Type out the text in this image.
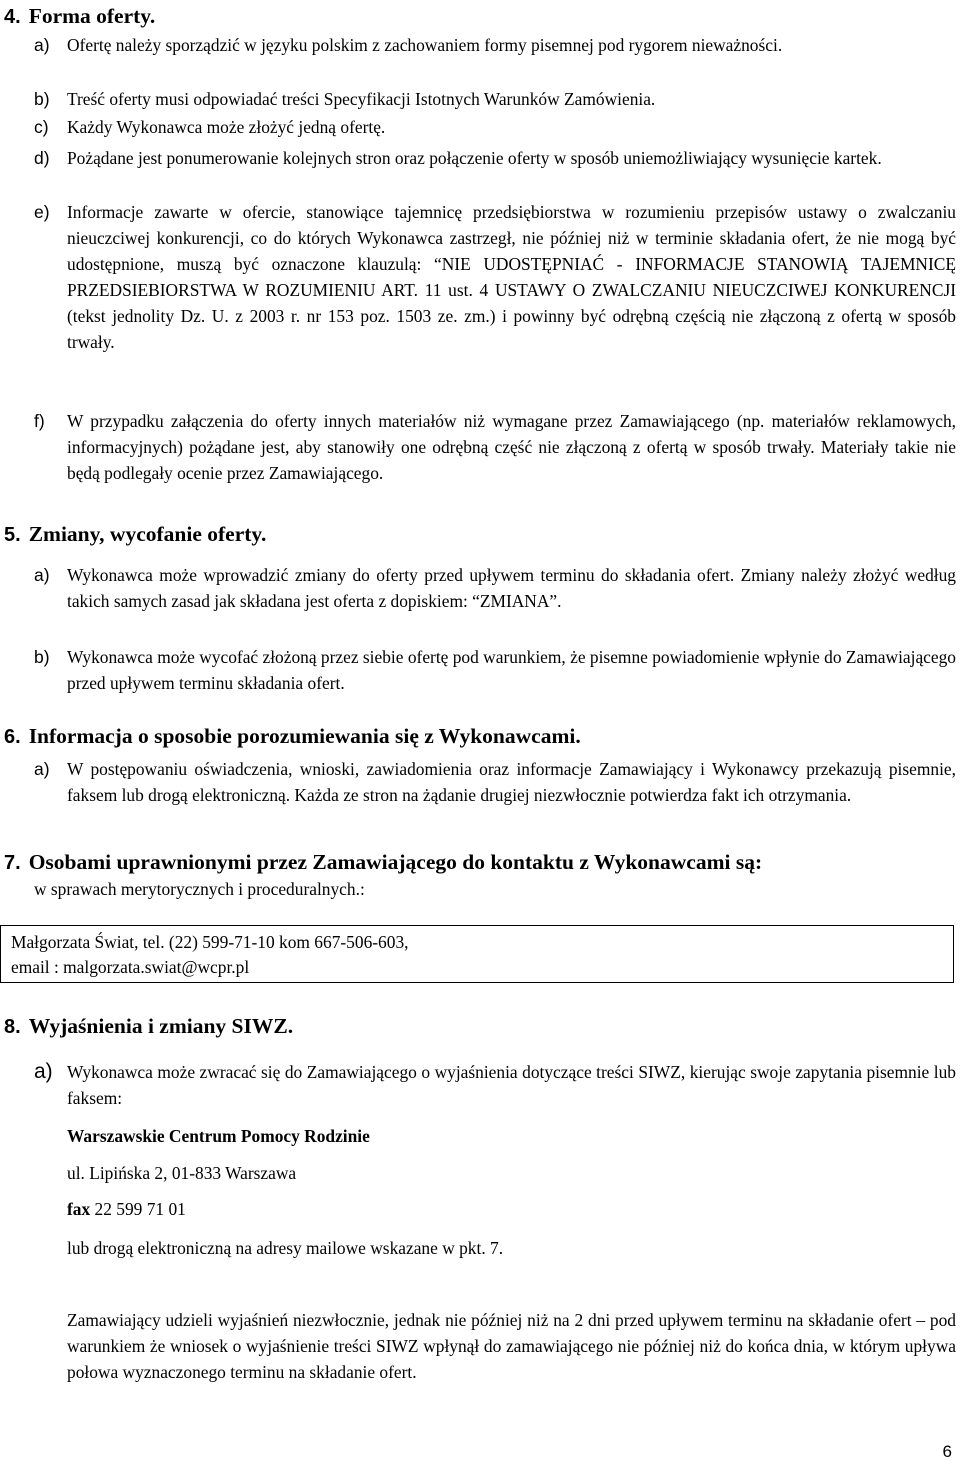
4. Forma oferty.
a) Ofertę należy sporządzić w języku polskim z zachowaniem formy pisemnej pod rygorem nieważności.
b) Treść oferty musi odpowiadać treści Specyfikacji Istotnych Warunków Zamówienia.
c) Każdy Wykonawca może złożyć jedną ofertę.
d) Pożądane jest ponumerowanie kolejnych stron oraz połączenie oferty w sposób uniemożliwiający wysunięcie kartek.
e) Informacje zawarte w ofercie, stanowiące tajemnicę przedsiębiorstwa w rozumieniu przepisów ustawy o zwalczaniu nieuczciwej konkurencji, co do których Wykonawca zastrzegł, nie później niż w terminie składania ofert, że nie mogą być udostępnione, muszą być oznaczone klauzulą: “NIE UDOSTĘPNIAĆ - INFORMACJE STANOWIĄ TAJEMNICĘ PRZEDSIEBIORSTWA W ROZUMIENIU ART. 11 ust. 4 USTAWY O ZWALCZANIU NIEUCZCIWEJ KONKURENCJI (tekst jednolity Dz. U. z 2003 r. nr 153 poz. 1503 ze. zm.) i powinny być odrębną częścią nie złączoną z ofertą w sposób trwały.
f) W przypadku załączenia do oferty innych materiałów niż wymagane przez Zamawiającego (np. materiałów reklamowych, informacyjnych) pożądane jest, aby stanowiły one odrębną część nie złączoną z ofertą w sposób trwały. Materiały takie nie będą podlegały ocenie przez Zamawiającego.
5. Zmiany, wycofanie oferty.
a) Wykonawca może wprowadzić zmiany do oferty przed upływem terminu do składania ofert. Zmiany należy złożyć według takich samych zasad jak składana jest oferta z dopiskiem: “ZMIANA”.
b) Wykonawca może wycofać złożoną przez siebie ofertę pod warunkiem, że pisemne powiadomienie wpłynie do Zamawiającego przed upływem terminu składania ofert.
6. Informacja o sposobie porozumiewania się z Wykonawcami.
a) W postępowaniu oświadczenia, wnioski, zawiadomienia oraz informacje Zamawiający i Wykonawcy przekazują pisemnie, faksem lub drogą elektroniczną. Każda ze stron na żądanie drugiej niezwłocznie potwierdza fakt ich otrzymania.
7. Osobami uprawnionymi przez Zamawiającego do kontaktu z Wykonawcami są:
w sprawach merytorycznych i proceduralnych.:
Małgorzata Świat, tel. (22) 599-71-10 kom 667-506-603,
email : malgorzata.swiat@wcpr.pl
8. Wyjaśnienia i zmiany SIWZ.
a) Wykonawca może zwracać się do Zamawiającego o wyjaśnienia dotyczące treści SIWZ, kierując swoje zapytania pisemnie lub faksem:
Warszawskie Centrum Pomocy Rodzinie
ul. Lipińska 2, 01-833 Warszawa
fax 22 599 71 01
lub drogą elektroniczną na adresy mailowe wskazane w pkt. 7.
Zamawiający udzieli wyjaśnień niezwłocznie, jednak nie później niż na 2 dni przed upływem terminu na składanie ofert – pod warunkiem że wniosek o wyjaśnienie treści SIWZ wpłynął do zamawiającego nie później niż do końca dnia, w którym upływa połowa wyznaczonego terminu na składanie ofert.
6
